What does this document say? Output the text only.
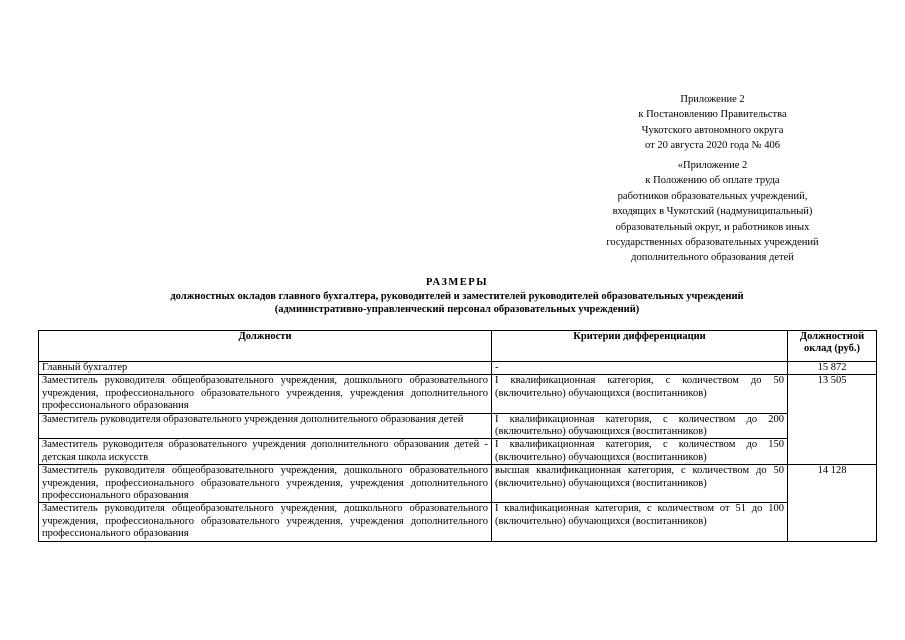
Приложение 2
к Постановлению Правительства
Чукотского автономного округа
от 20 августа 2020 года № 406
«Приложение 2
к Положению об оплате труда
работников образовательных учреждений,
входящих в Чукотский (надмуниципальный)
образовательный округ, и работников иных
государственных образовательных учреждений
дополнительного образования детей
РАЗМЕРЫ
должностных окладов главного бухгалтера, руководителей и заместителей руководителей образовательных учреждений
(административно-управленческий персонал образовательных учреждений)
Должности	Критерии дифференциации	Должностной оклад (руб.)
Главный бухгалтер	-	15 872
Заместитель руководителя общеобразовательного учреждения, дошкольного образовательного учреждения, профессионального образовательного учреждения, учреждения дополнительного профессионального образования	I квалификационная категория, с количеством до 50 (включительно) обучающихся (воспитанников)	13 505
Заместитель руководителя образовательного учреждения дополнительного образования детей	I квалификационная категория, с количеством до 200 (включительно) обучающихся (воспитанников)	
Заместитель руководителя образовательного учреждения дополнительного образования детей - детская школа искусств	I квалификационная категория, с количеством до 150 (включительно) обучающихся (воспитанников)	
Заместитель руководителя общеобразовательного учреждения, дошкольного образовательного учреждения, профессионального образовательного учреждения, учреждения дополнительного профессионального образования	высшая квалификационная категория, с количеством до 50 (включительно) обучающихся (воспитанников)	14 128
Заместитель руководителя общеобразовательного учреждения, дошкольного образовательного учреждения, профессионального образовательного учреждения, учреждения дополнительного профессионального образования	I квалификационная категория, с количеством от 51 до 100 (включительно) обучающихся (воспитанников)	
